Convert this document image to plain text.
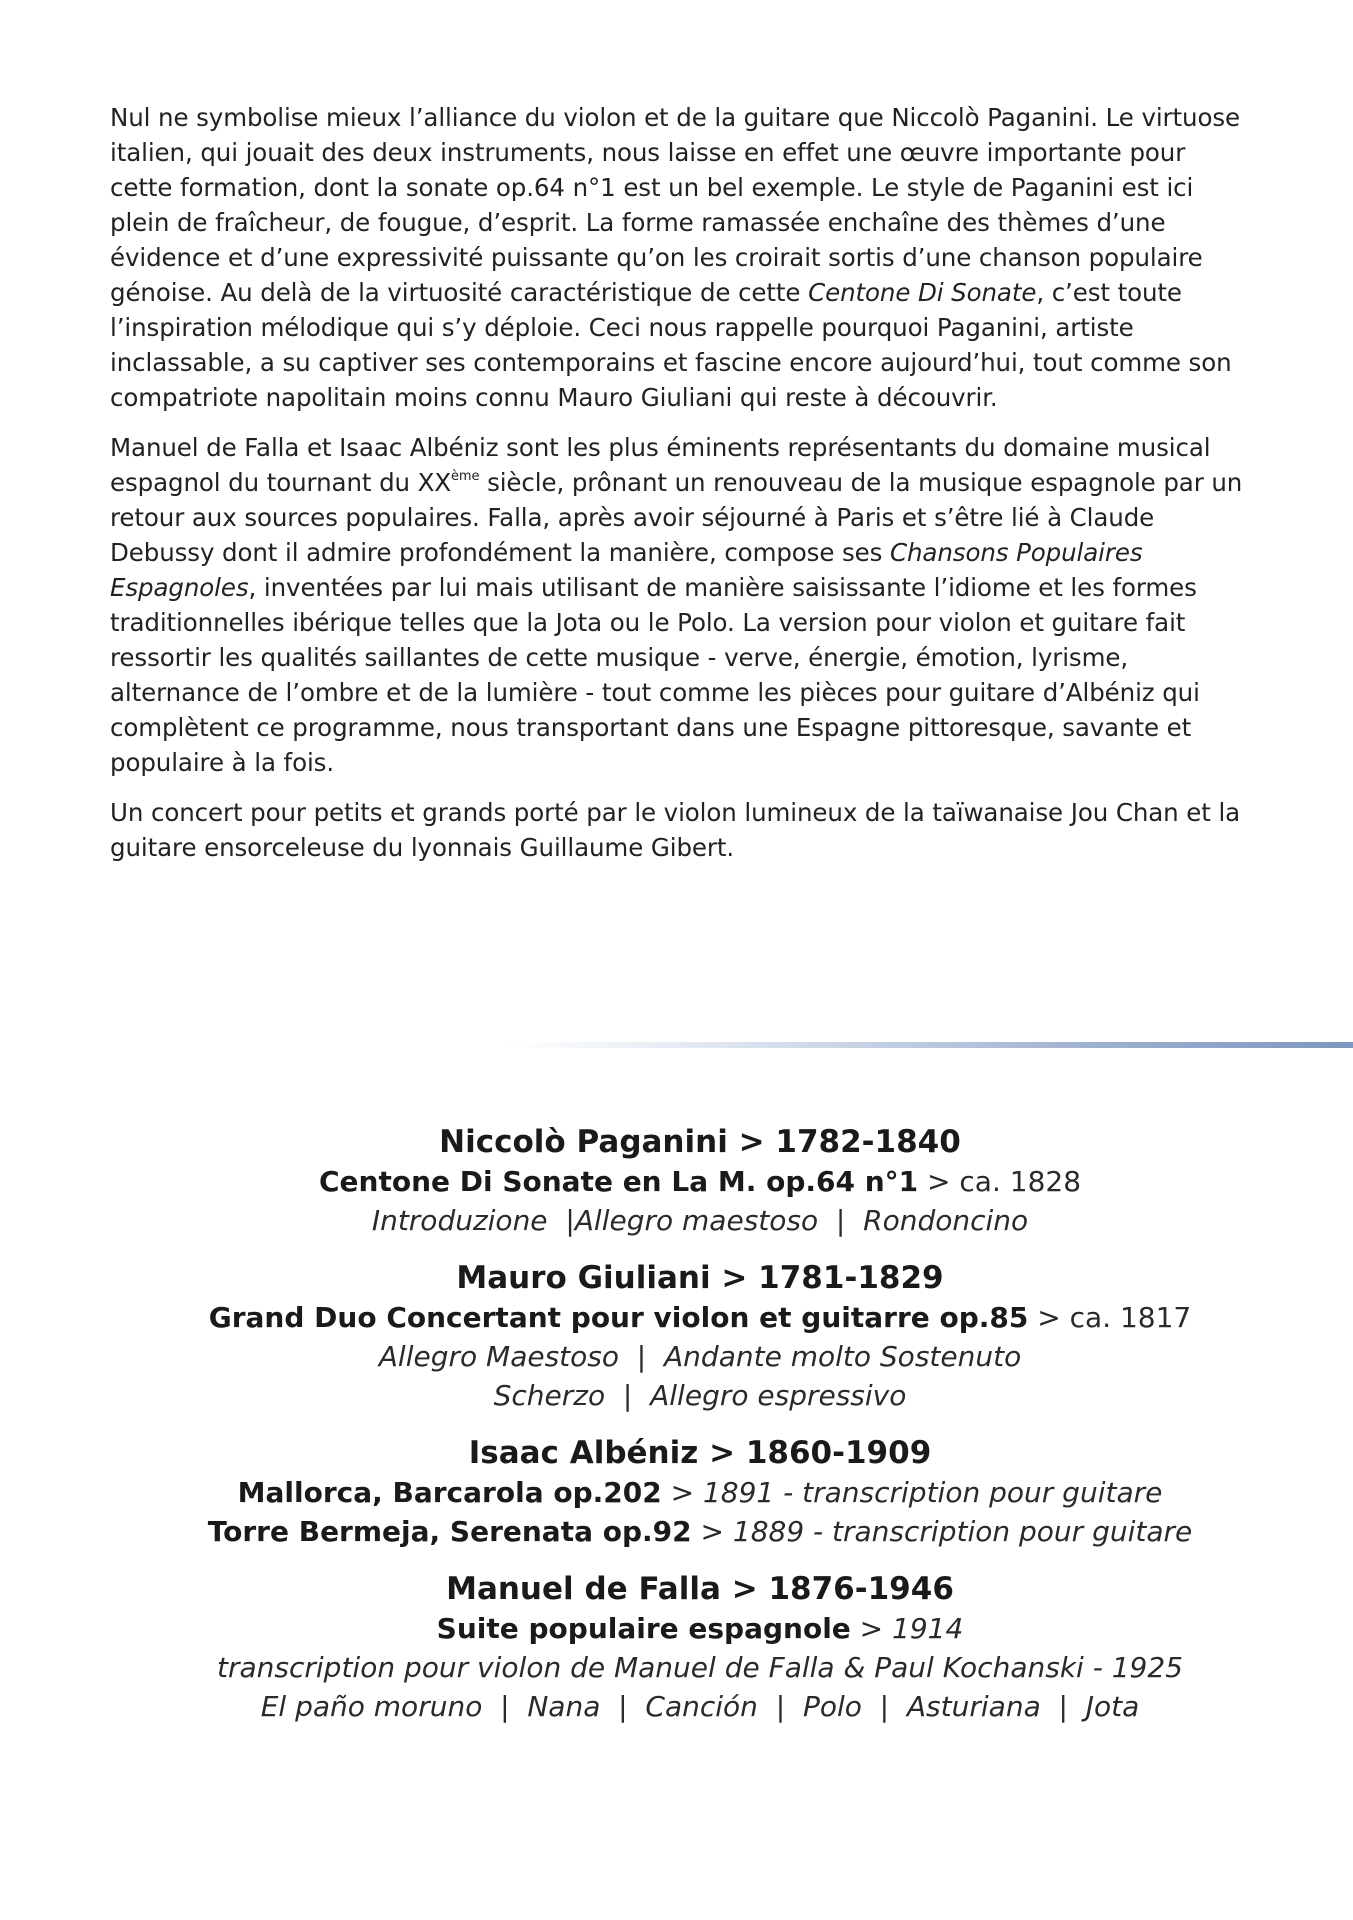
Nul ne symbolise mieux l’alliance du violon et de la guitare que Niccolò Paganini. Le virtuose italien, qui jouait des deux instruments, nous laisse en effet une œuvre importante pour cette formation, dont la sonate op.64 n°1 est un bel exemple. Le style de Paganini est ici plein de fraîcheur, de fougue, d’esprit. La forme ramassée enchaîne des thèmes d’une évidence et d’une expressivité puissante qu’on les croirait sortis d’une chanson populaire génoise. Au delà de la virtuosité caractéristique de cette Centone Di Sonate, c’est toute l’inspiration mélodique qui s’y déploie. Ceci nous rappelle pourquoi Paganini, artiste inclassable, a su captiver ses contemporains et fascine encore aujourd’hui, tout comme son compatriote napolitain moins connu Mauro Giuliani qui reste à découvrir.

Manuel de Falla et Isaac Albéniz sont les plus éminents représentants du domaine musical espagnol du tournant du XXème siècle, prônant un renouveau de la musique espagnole par un retour aux sources populaires. Falla, après avoir séjourné à Paris et s’être lié à Claude Debussy dont il admire profondément la manière, compose ses Chansons Populaires Espagnoles, inventées par lui mais utilisant de manière saisissante l’idiome et les formes traditionnelles ibérique telles que la Jota ou le Polo. La version pour violon et guitare fait ressortir les qualités saillantes de cette musique - verve, énergie, émotion, lyrisme, alternance de l’ombre et de la lumière - tout comme les pièces pour guitare d’Albéniz qui complètent ce programme, nous transportant dans une Espagne pittoresque, savante et populaire à la fois.

Un concert pour petits et grands porté par le violon lumineux de la taïwanaise Jou Chan et la guitare ensorceleuse du lyonnais Guillaume Gibert.

Niccolò Paganini > 1782-1840
Centone Di Sonate en La M. op.64 n°1 > ca. 1828
Introduzione  |Allegro maestoso  |  Rondoncino
Mauro Giuliani > 1781-1829
Grand Duo Concertant pour violon et guitarre op.85 > ca. 1817
Allegro Maestoso  |  Andante molto Sostenuto
Scherzo  |  Allegro espressivo
Isaac Albéniz > 1860-1909
Mallorca, Barcarola op.202 > 1891 - transcription pour guitare
Torre Bermeja, Serenata op.92 > 1889 - transcription pour guitare
Manuel de Falla > 1876-1946
Suite populaire espagnole > 1914
transcription pour violon de Manuel de Falla & Paul Kochanski - 1925
El paño moruno  |  Nana  |  Canción  |  Polo  |  Asturiana  |  Jota
